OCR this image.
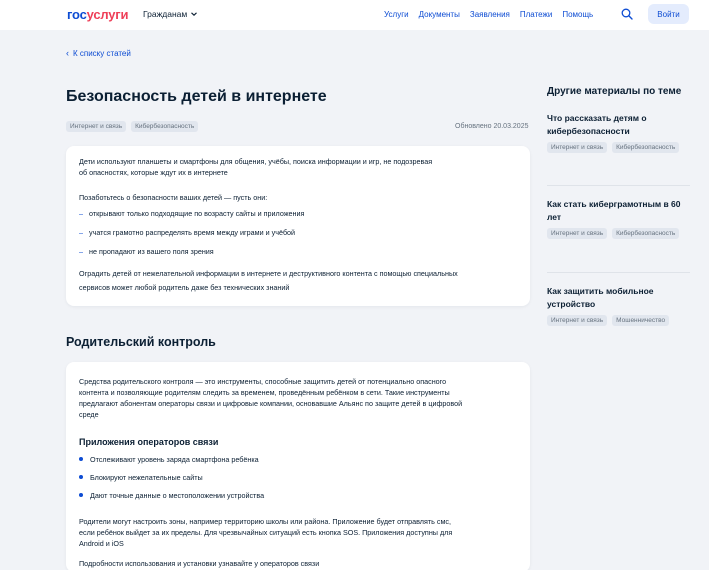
госуслуги Гражданам	Услуги Документы Заявления Платежи Помощь	Войти
‹ К списку статей
Безопасность детей в интернете
Интернет и связь	Кибербезопасность	Обновлено 20.03.2025
Дети используют планшеты и смартфоны для общения, учёбы, поиска информации и игр, не подозревая
об опасностях, которые ждут их в интернете
Позаботьтесь о безопасности ваших детей — пусть они:
– открывают только подходящие по возрасту сайты и приложения
– учатся грамотно распределять время между играми и учёбой
– не пропадают из вашего поля зрения
Оградить детей от нежелательной информации в интернете и деструктивного контента с помощью специальных
сервисов может любой родитель даже без технических знаний
Родительский контроль
Средства родительского контроля — это инструменты, способные защитить детей от потенциально опасного
контента и позволяющие родителям следить за временем, проведённым ребёнком в сети. Такие инструменты
предлагают абонентам операторы связи и цифровые компании, основавшие Альянс по защите детей в цифровой
среде
Приложения операторов связи
Отслеживают уровень заряда смартфона ребёнка
Блокируют нежелательные сайты
Дают точные данные о местоположении устройства
Родители могут настроить зоны, например территорию школы или района. Приложение будет отправлять смс,
если ребёнок выйдет за их пределы. Для чрезвычайных ситуаций есть кнопка SOS. Приложения доступны для
Android и iOS
Подробности использования и установки узнавайте у операторов связи
Другие материалы по теме
Что рассказать детям о
кибербезопасности
Интернет и связь	Кибербезопасность
Как стать киберграмотным в 60
лет
Интернет и связь	Кибербезопасность
Как защитить мобильное
устройство
Интернет и связь	Мошенничество
